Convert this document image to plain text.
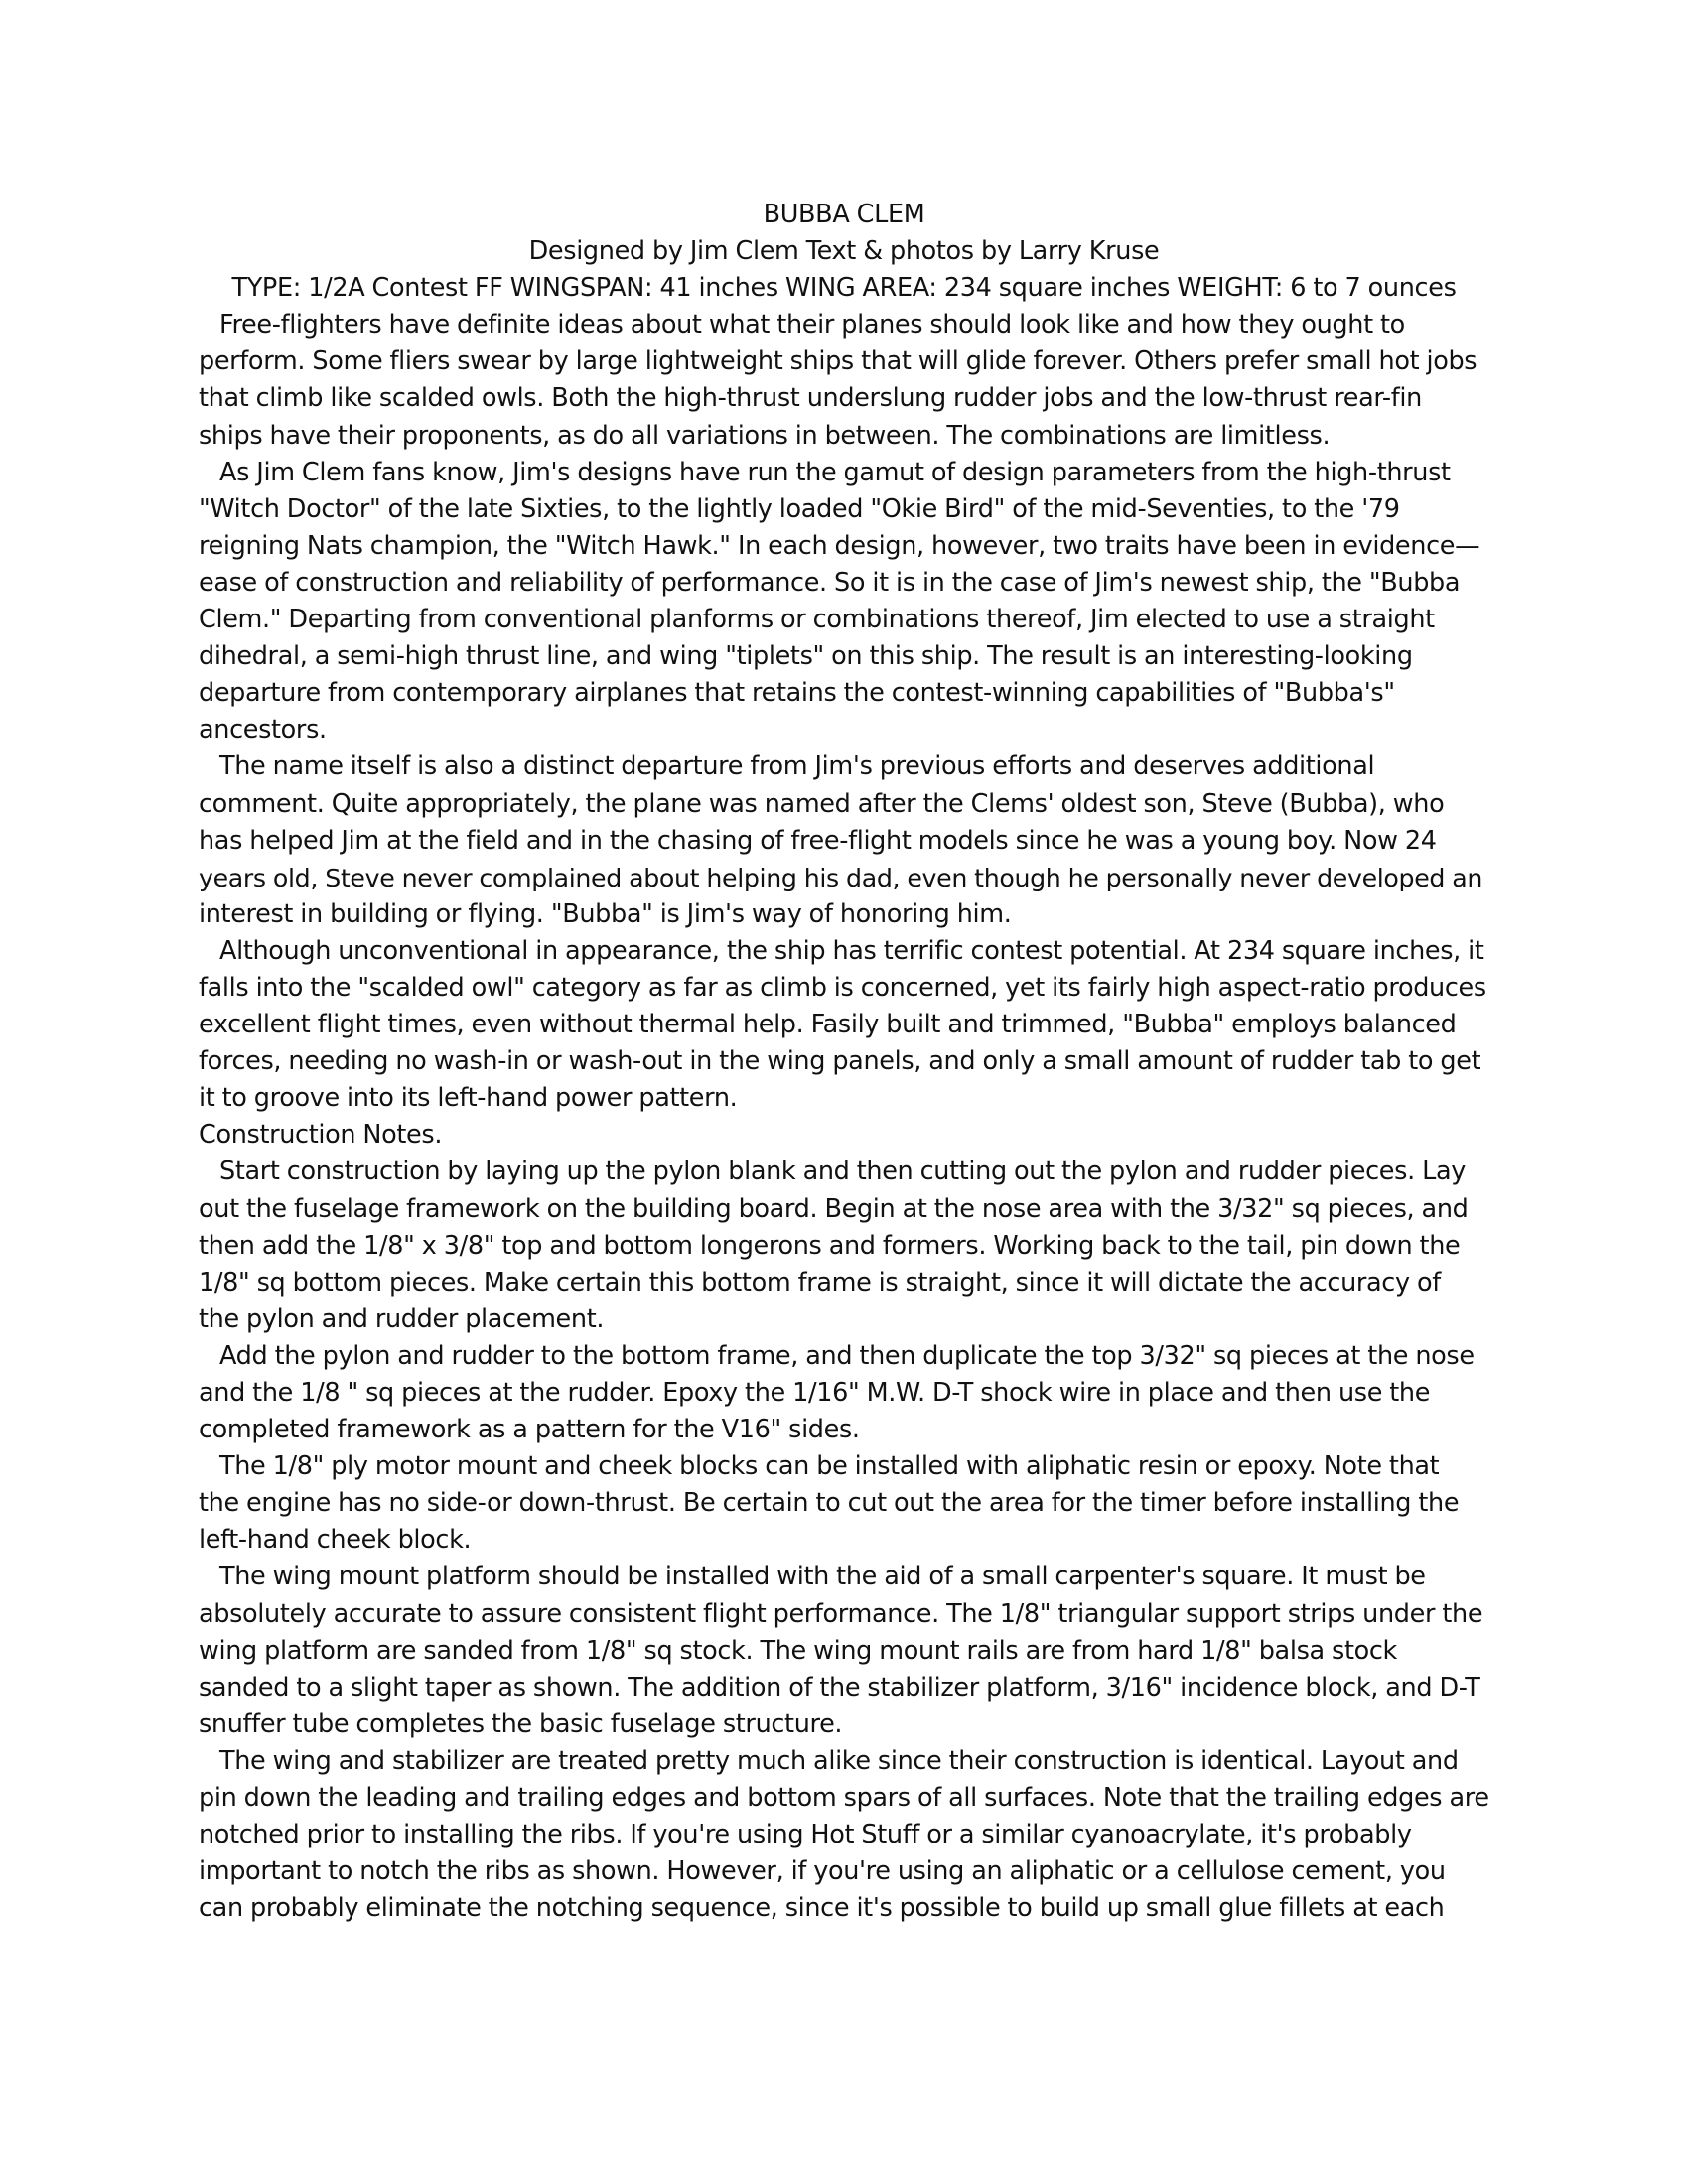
BUBBA CLEM
Designed by Jim Clem Text & photos by Larry Kruse
TYPE: 1/2A Contest FF WINGSPAN: 41 inches WING AREA: 234 square inches WEIGHT: 6 to 7 ounces
Free-flighters have definite ideas about what their planes should look like and how they ought to
perform. Some fliers swear by large lightweight ships that will glide forever. Others prefer small hot jobs
that climb like scalded owls. Both the high-thrust underslung rudder jobs and the low-thrust rear-fin
ships have their proponents, as do all variations in between. The combinations are limitless.
As Jim Clem fans know, Jim's designs have run the gamut of design parameters from the high-thrust
"Witch Doctor" of the late Sixties, to the lightly loaded "Okie Bird" of the mid-Seventies, to the '79
reigning Nats champion, the "Witch Hawk." In each design, however, two traits have been in evidence—
ease of construction and reliability of performance. So it is in the case of Jim's newest ship, the "Bubba
Clem." Departing from conventional planforms or combinations thereof, Jim elected to use a straight
dihedral, a semi-high thrust line, and wing "tiplets" on this ship. The result is an interesting-looking
departure from contemporary airplanes that retains the contest-winning capabilities of "Bubba's"
ancestors.
The name itself is also a distinct departure from Jim's previous efforts and deserves additional
comment. Quite appropriately, the plane was named after the Clems' oldest son, Steve (Bubba), who
has helped Jim at the field and in the chasing of free-flight models since he was a young boy. Now 24
years old, Steve never complained about helping his dad, even though he personally never developed an
interest in building or flying. "Bubba" is Jim's way of honoring him.
Although unconventional in appearance, the ship has terrific contest potential. At 234 square inches, it
falls into the "scalded owl" category as far as climb is concerned, yet its fairly high aspect-ratio produces
excellent flight times, even without thermal help. Fasily built and trimmed, "Bubba" employs balanced
forces, needing no wash-in or wash-out in the wing panels, and only a small amount of rudder tab to get
it to groove into its left-hand power pattern.
Construction Notes.
Start construction by laying up the pylon blank and then cutting out the pylon and rudder pieces. Lay
out the fuselage framework on the building board. Begin at the nose area with the 3/32" sq pieces, and
then add the 1/8" x 3/8" top and bottom longerons and formers. Working back to the tail, pin down the
1/8" sq bottom pieces. Make certain this bottom frame is straight, since it will dictate the accuracy of
the pylon and rudder placement.
Add the pylon and rudder to the bottom frame, and then duplicate the top 3/32" sq pieces at the nose
and the 1/8 " sq pieces at the rudder. Epoxy the 1/16" M.W. D-T shock wire in place and then use the
completed framework as a pattern for the V16" sides.
The 1/8" ply motor mount and cheek blocks can be installed with aliphatic resin or epoxy. Note that
the engine has no side-or down-thrust. Be certain to cut out the area for the timer before installing the
left-hand cheek block.
The wing mount platform should be installed with the aid of a small carpenter's square. It must be
absolutely accurate to assure consistent flight performance. The 1/8" triangular support strips under the
wing platform are sanded from 1/8" sq stock. The wing mount rails are from hard 1/8" balsa stock
sanded to a slight taper as shown. The addition of the stabilizer platform, 3/16" incidence block, and D-T
snuffer tube completes the basic fuselage structure.
The wing and stabilizer are treated pretty much alike since their construction is identical. Layout and
pin down the leading and trailing edges and bottom spars of all surfaces. Note that the trailing edges are
notched prior to installing the ribs. If you're using Hot Stuff or a similar cyanoacrylate, it's probably
important to notch the ribs as shown. However, if you're using an aliphatic or a cellulose cement, you
can probably eliminate the notching sequence, since it's possible to build up small glue fillets at each
